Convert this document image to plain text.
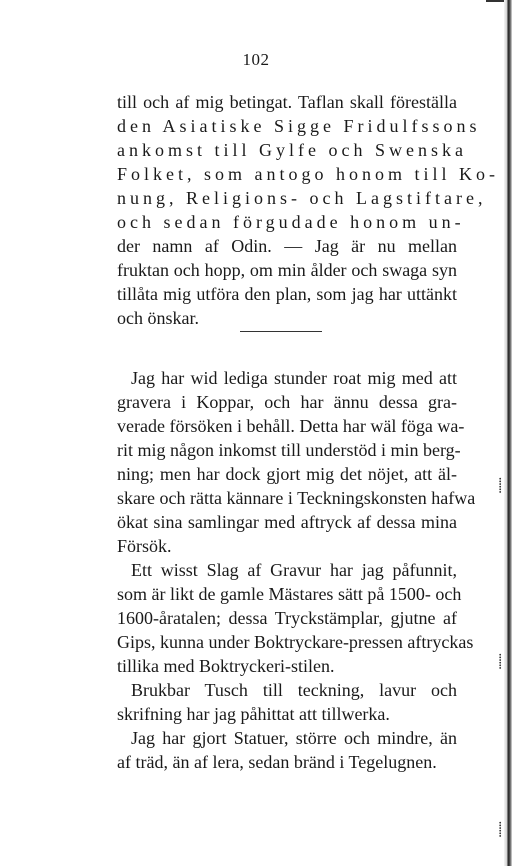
102
till och af mig betingat. Taflan skall föreställa
den Asiatiske Sigge Fridulfssons
ankomst till Gylfe och Swenska
Folket, som antogo honom till Ko-
nung, Religions- och Lagstiftare,
och sedan förgudade honom un-
der namn af Odin. — Jag är nu mellan
fruktan och hopp, om min ålder och swaga syn
tillåta mig utföra den plan, som jag har uttänkt
och önskar.
Jag har wid lediga stunder roat mig med att
gravera i Koppar, och har ännu dessa gra-
verade försöken i behåll. Detta har wäl föga wa-
rit mig någon inkomst till understöd i min berg-
ning; men har dock gjort mig det nöjet, att äl-
skare och rätta kännare i Teckningskonsten hafwa
ökat sina samlingar med aftryck af dessa mina
Försök.
Ett wisst Slag af Gravur har jag påfunnit,
som är likt de gamle Mästares sätt på 1500- och
1600-åratalen; dessa Tryckstämplar, gjutne af
Gips, kunna under Boktryckare-pressen aftryckas
tillika med Boktryckeri-stilen.
Brukbar Tusch till teckning, lavur och
skrifning har jag påhittat att tillwerka.
Jag har gjort Statuer, större och mindre, än
af träd, än af lera, sedan bränd i Tegelugnen.
⸽
⸽
⸽
